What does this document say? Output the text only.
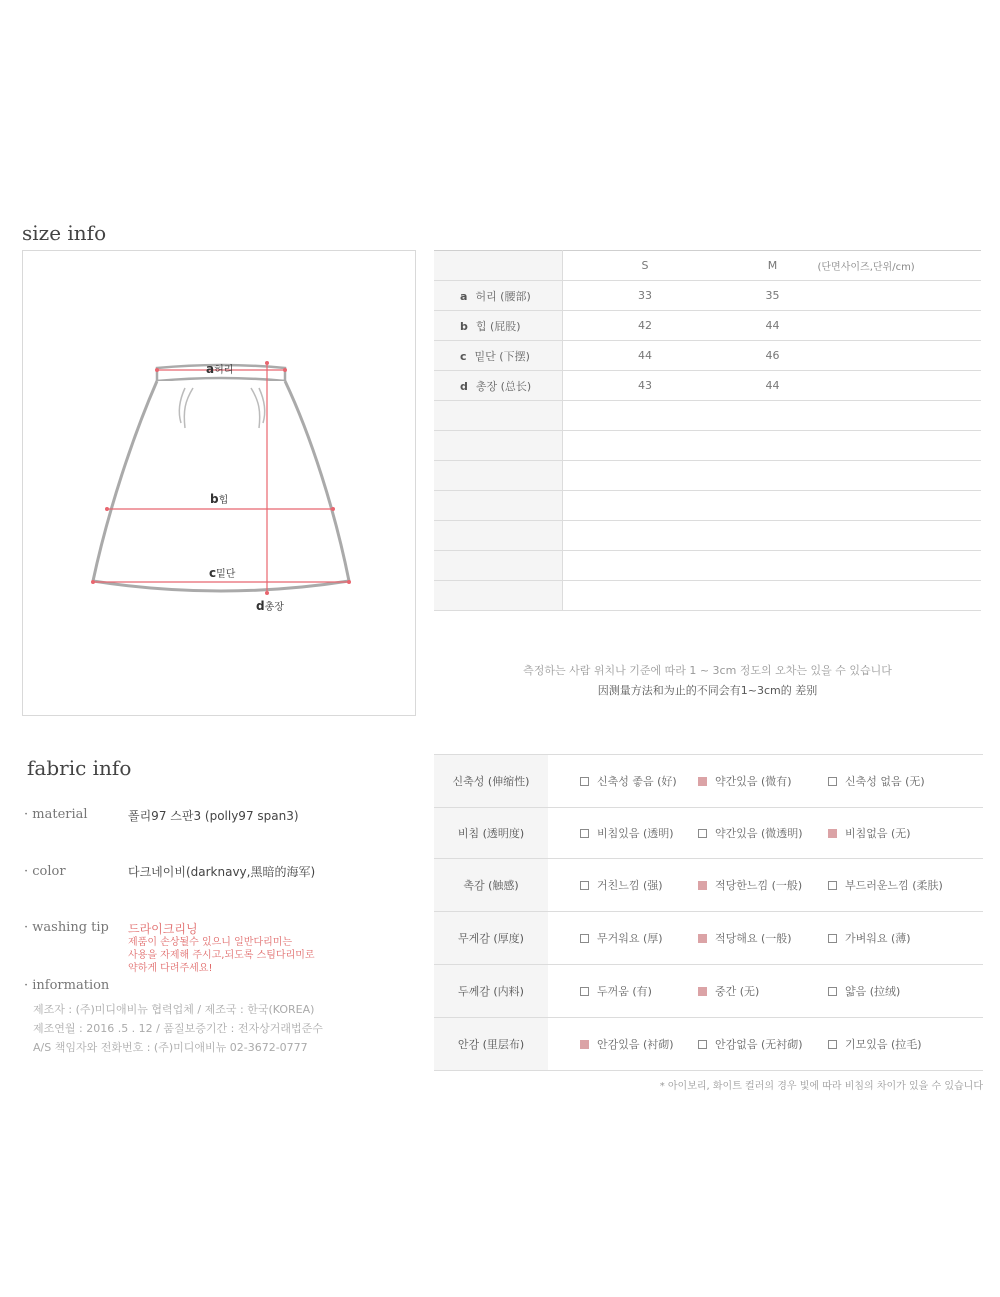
size info
a허리
b힙
c밑단
d총장
	S	M	(단면사이즈,단위/cm)
a 허리 (腰部)	33	35	
b 힙 (屁股)	42	44	
c 밑단 (下摆)	44	46	
d 총장 (总长)	43	44	

측정하는 사람 위치나 기준에 따라 1 ~ 3cm 정도의 오차는 있을 수 있습니다
因测量方法和为止的不同会有1~3cm的 差别
fabric info
· material	폴리97 스판3 (polly97 span3)
· color	다크네이비(darknavy,黑暗的海军)
· washing tip 드라이크리닝
제품이 손상될수 있으니 일반다리미는
사용을 자제해 주시고,되도록 스팀다리미로
약하게 다려주세요!
· information
제조자 : (주)미디애비뉴 협력업체 / 제조국 : 한국(KOREA)
제조연월 : 2016 .5 . 12 / 품질보증기간 : 전자상거래법준수
A/S 책임자와 전화번호 : (주)미디애비뉴 02-3672-0777
신축성 (伸缩性)	신축성 좋음 (好) 약간있음 (微有) 신축성 없음 (无)

비침 (透明度)	비침있음 (透明) 약간있음 (微透明) 비침없음 (无)

촉감 (触感)	거친느낌 (强) 적당한느낌 (一般) 부드러운느낌 (柔肤)

무게감 (厚度)	무거워요 (厚) 적당해요 (一般) 가벼워요 (薄)

두께감 (内料)	두꺼움 (有) 중간 (无) 얇음 (拉绒)

안감 (里层布)	안감있음 (衬砌) 안감없음 (无衬砌) 기모있음 (拉毛)
* 아이보리, 화이트 컬러의 경우 빛에 따라 비침의 차이가 있을 수 있습니다
